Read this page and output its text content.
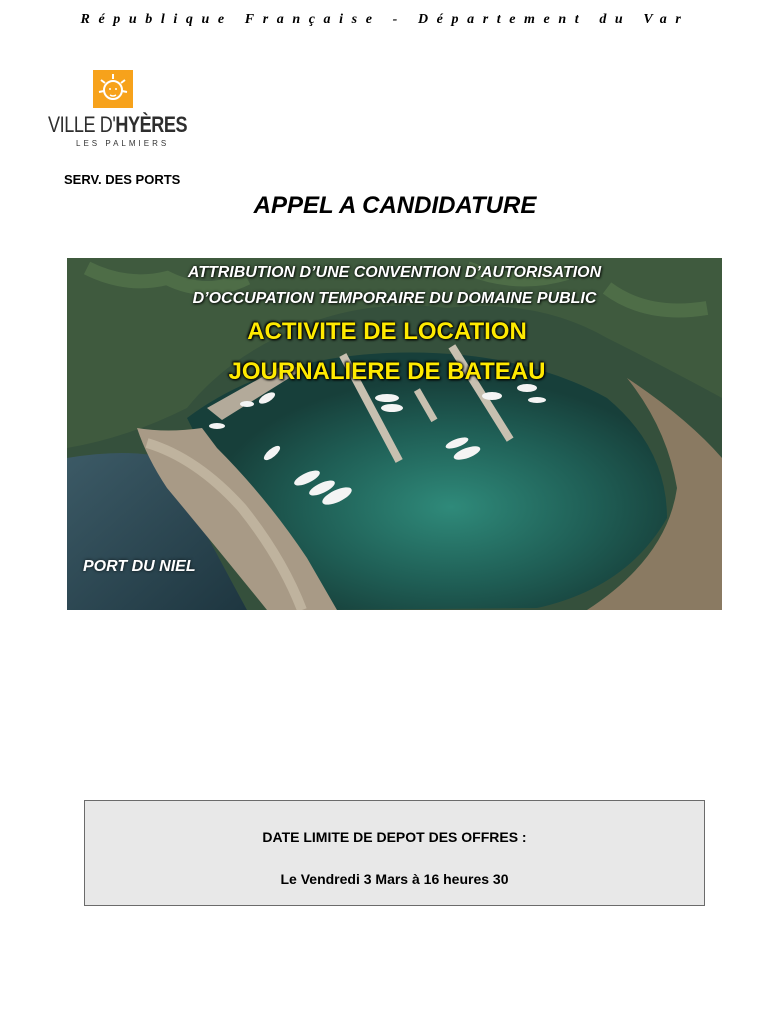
République Française - Département du Var
VILLE D'HYÈRES
LES PALMIERS
SERV. DES PORTS
APPEL A CANDIDATURE
ATTRIBUTION D’UNE CONVENTION D’AUTORISATION
D’OCCUPATION TEMPORAIRE DU DOMAINE PUBLIC
ACTIVITE DE LOCATION
JOURNALIERE DE BATEAU
PORT DU NIEL
DATE LIMITE DE DEPOT DES OFFRES :
Le Vendredi 3 Mars à 16 heures 30
